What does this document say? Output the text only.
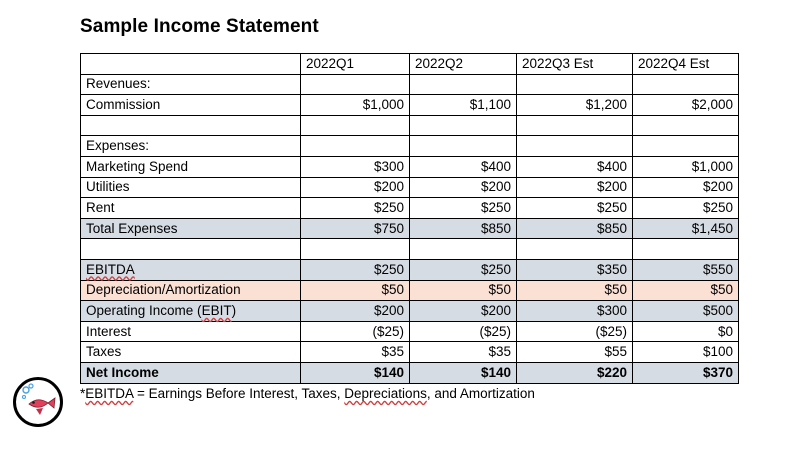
Sample Income Statement
	2022Q1	2022Q2	2022Q3 Est	2022Q4 Est
Revenues:				
Commission	$1,000	$1,100	$1,200	$2,000

Expenses:				
Marketing Spend	$300	$400	$400	$1,000
Utilities	$200	$200	$200	$200
Rent	$250	$250	$250	$250
Total Expenses	$750	$850	$850	$1,450

EBITDA	$250	$250	$350	$550
Depreciation/Amortization	$50	$50	$50	$50
Operating Income (EBIT)	$200	$200	$300	$500
Interest	($25)	($25)	($25)	$0
Taxes	$35	$35	$55	$100
Net Income	$140	$140	$220	$370
*EBITDA = Earnings Before Interest, Taxes, Depreciations, and Amortization
